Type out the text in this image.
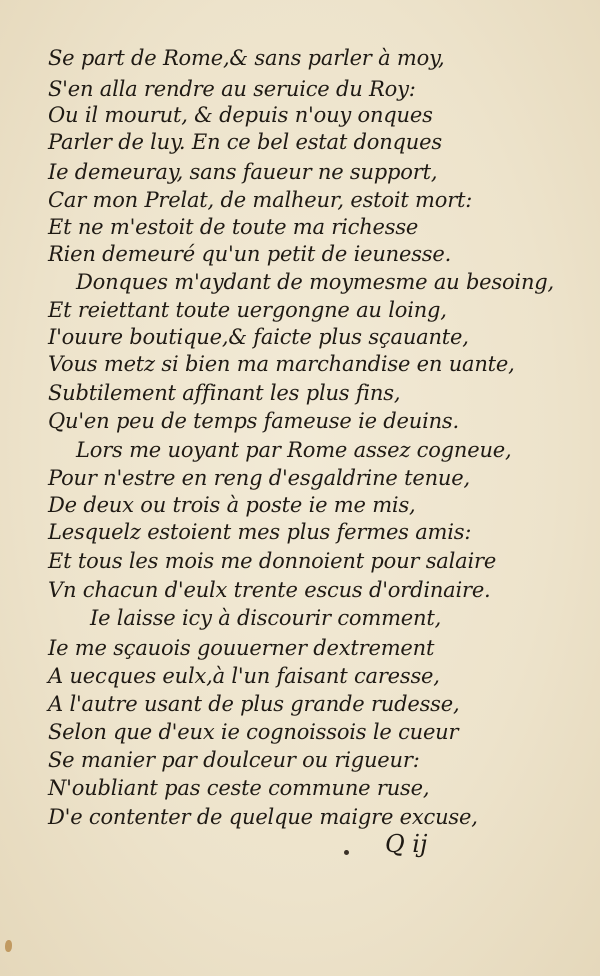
Se part de Rome,& sans parler à moy,
S'en alla rendre au seruice du Roy:
Ou il mourut, & depuis n'ouy onques
Parler de luy. En ce bel estat donques
Ie demeuray, sans faueur ne support,
Car mon Prelat, de malheur, estoit mort:
Et ne m'estoit de toute ma richesse
Rien demeuré qu'un petit de ieunesse.
Donques m'aydant de moymesme au besoing,
Et reiettant toute uergongne au loing,
I'ouure boutique,& faicte plus sçauante,
Vous metz si bien ma marchandise en uante,
Subtilement affinant les plus fins,
Qu'en peu de temps fameuse ie deuins.
Lors me uoyant par Rome assez cogneue,
Pour n'estre en reng d'esgaldrine tenue,
De deux ou trois à poste ie me mis,
Lesquelz estoient mes plus fermes amis:
Et tous les mois me donnoient pour salaire
Vn chacun d'eulx trente escus d'ordinaire.
Ie laisse icy à discourir comment,
Ie me sçauois gouuerner dextrement
A uecques eulx,à l'un faisant caresse,
A l'autre usant de plus grande rudesse,
Selon que d'eux ie cognoissois le cueur
Se manier par doulceur ou rigueur:
N'oubliant pas ceste commune ruse,
D'e contenter de quelque maigre excuse,
Q ij
